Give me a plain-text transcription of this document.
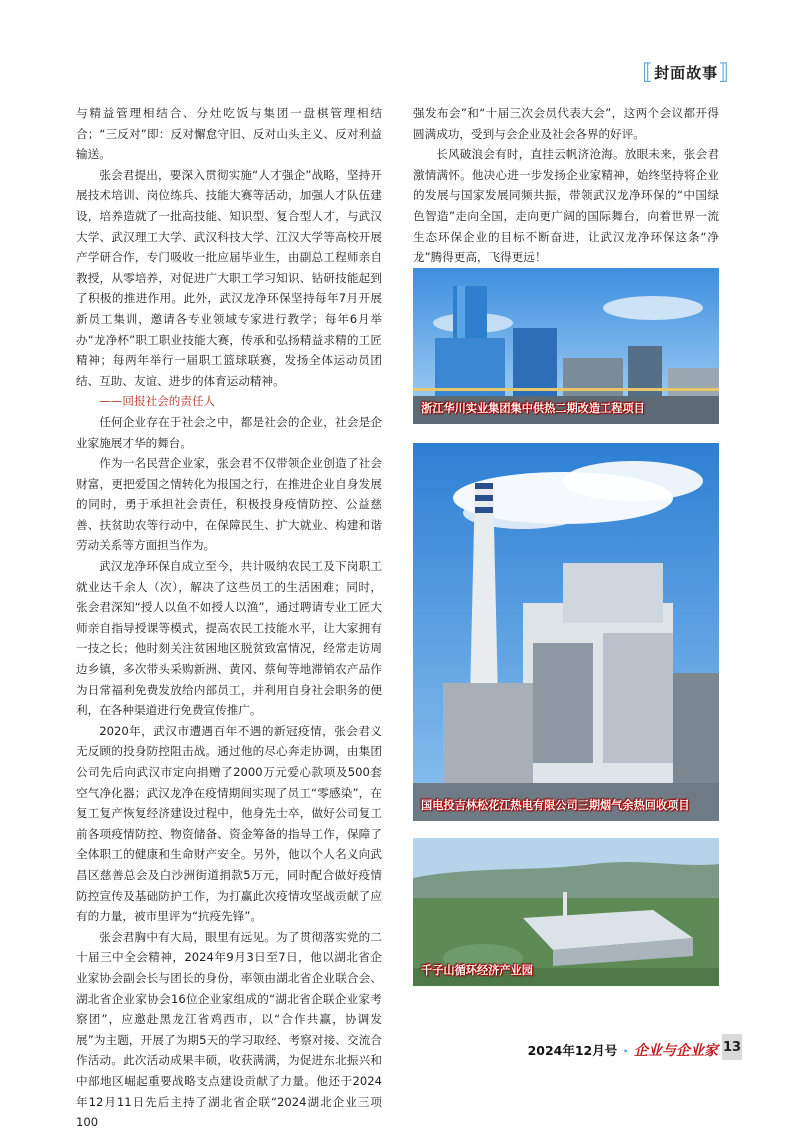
⟦ 封面故事 ⟧

与精益管理相结合、分灶吃饭与集团一盘棋管理相结合；“三反对”即：反对懈怠守旧、反对山头主义、反对利益输送。

张会君提出，要深入贯彻实施“人才强企”战略，坚持开展技术培训、岗位练兵、技能大赛等活动，加强人才队伍建设，培养造就了一批高技能、知识型、复合型人才，与武汉大学、武汉理工大学、武汉科技大学、江汉大学等高校开展产学研合作，专门吸收一批应届毕业生，由副总工程师亲自教授，从零培养，对促进广大职工学习知识、钻研技能起到了积极的推进作用。此外，武汉龙净环保坚持每年7月开展新员工集训，邀请各专业领域专家进行教学；每年6月举办“龙净杯”职工职业技能大赛，传承和弘扬精益求精的工匠精神；每两年举行一届职工篮球联赛，发扬全体运动员团结、互助、友谊、进步的体育运动精神。

——回报社会的责任人

任何企业存在于社会之中，都是社会的企业，社会是企业家施展才华的舞台。

作为一名民营企业家，张会君不仅带领企业创造了社会财富，更把爱国之情转化为报国之行，在推进企业自身发展的同时，勇于承担社会责任，积极投身疫情防控、公益慈善、扶贫助农等行动中，在保障民生、扩大就业、构建和谐劳动关系等方面担当作为。

武汉龙净环保自成立至今，共计吸纳农民工及下岗职工就业达千余人（次），解决了这些员工的生活困难；同时，张会君深知“授人以鱼不如授人以渔”，通过聘请专业工匠大师亲自指导授课等模式，提高农民工技能水平，让大家拥有一技之长；他时刻关注贫困地区脱贫致富情况，经常走访周边乡镇，多次带头采购新洲、黄冈、蔡甸等地滞销农产品作为日常福利免费发放给内部员工，并利用自身社会职务的便利，在各种渠道进行免费宣传推广。

2020年，武汉市遭遇百年不遇的新冠疫情，张会君义无反顾的投身防控阻击战。通过他的尽心奔走协调，由集团公司先后向武汉市定向捐赠了2000万元爱心款项及500套空气净化器；武汉龙净在疫情期间实现了员工“零感染”，在复工复产恢复经济建设过程中，他身先士卒，做好公司复工前各项疫情防控、物资储备、资金筹备的指导工作，保障了全体职工的健康和生命财产安全。另外，他以个人名义向武昌区慈善总会及白沙洲街道捐款5万元，同时配合做好疫情防控宣传及基础防护工作，为打赢此次疫情攻坚战贡献了应有的力量，被市里评为“抗疫先锋”。

张会君胸中有大局，眼里有远见。为了贯彻落实党的二十届三中全会精神，2024年9月3日至7日，他以湖北省企业家协会副会长与团长的身份，率领由湖北省企业联合会、湖北省企业家协会16位企业家组成的“湖北省企联企业家考察团”，应邀赴黑龙江省鸡西市，以“合作共赢，协调发展”为主题，开展了为期5天的学习取经、考察对接、交流合作活动。此次活动成果丰硕，收获满满，为促进东北振兴和中部地区崛起重要战略支点建设贡献了力量。他还于2024年12月11日先后主持了湖北省企联“2024湖北企业三项100

强发布会”和“十届三次会员代表大会”，这两个会议都开得圆满成功，受到与会企业及社会各界的好评。

长风破浪会有时，直挂云帆济沧海。放眼未来，张会君激情满怀。他决心进一步发扬企业家精神，始终坚持将企业的发展与国家发展同频共振，带领武汉龙净环保的“中国绿色智造”走向全国，走向更广阔的国际舞台，向着世界一流生态环保企业的目标不断奋进，让武汉龙净环保这条“净龙”腾得更高，飞得更远！

浙江华川实业集团集中供热二期改造工程项目
国电投吉林松花江热电有限公司三期烟气余热回收项目
千子山循环经济产业园
2024年12月号 · 企业与企业家 13
